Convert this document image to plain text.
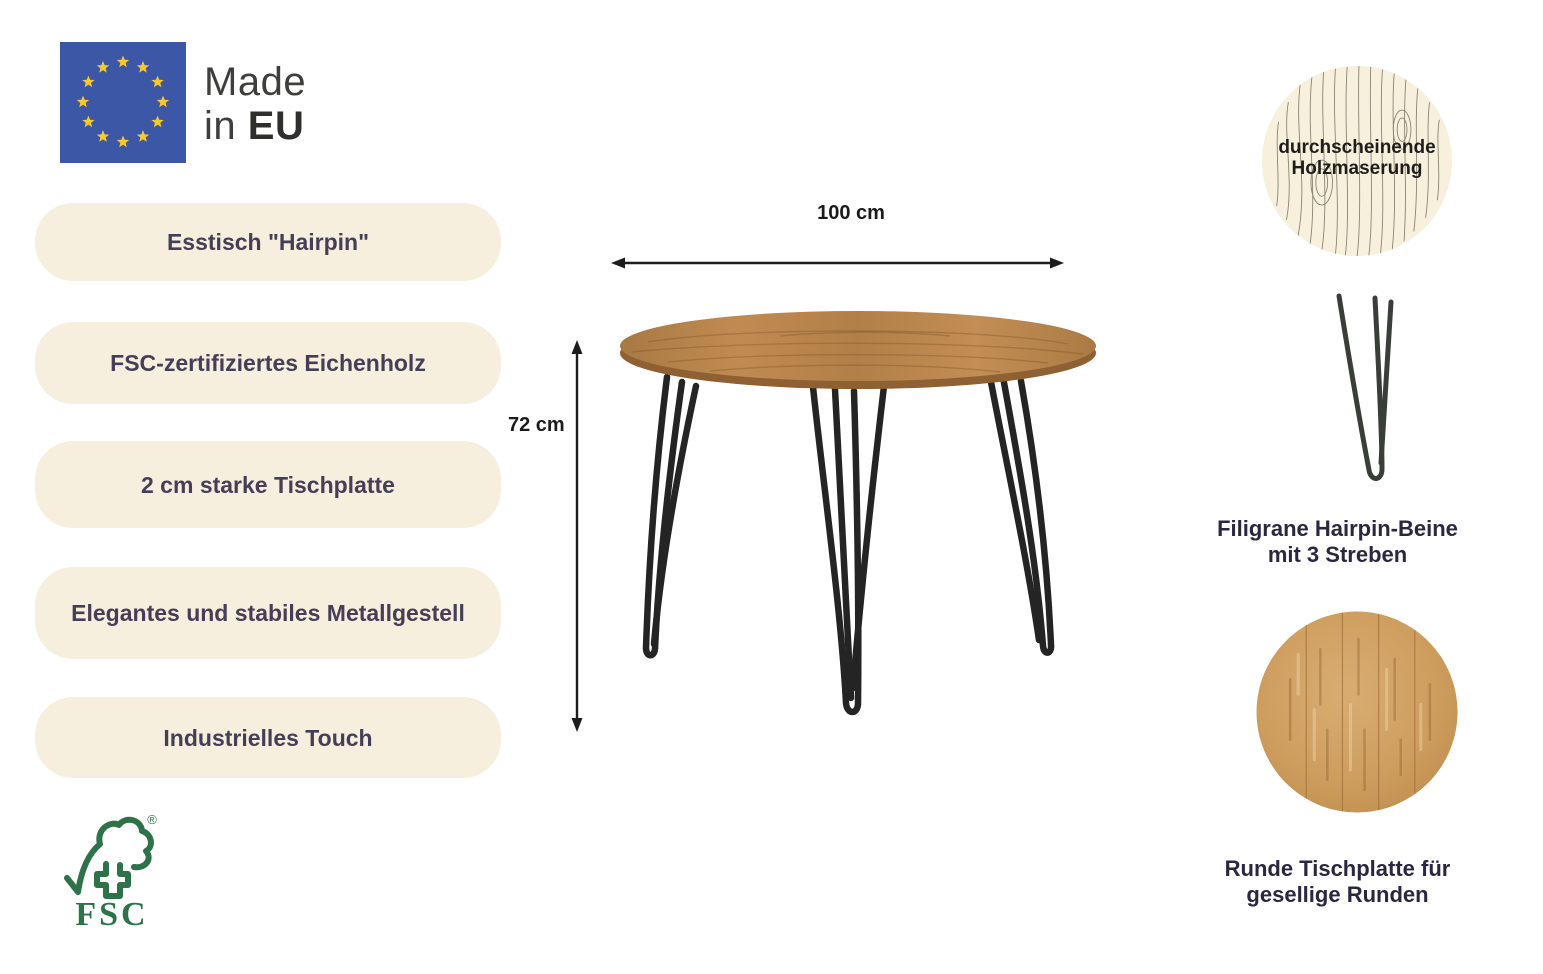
Made
in EU
Esstisch "Hairpin"
FSC-zertifiziertes Eichenholz
2 cm starke Tischplatte
Elegantes und stabiles Metallgestell
Industrielles Touch
®
FSC
100 cm
72 cm
durchscheinende
Holzmaserung
Filigrane Hairpin-Beine
mit 3 Streben
Runde Tischplatte für
gesellige Runden
